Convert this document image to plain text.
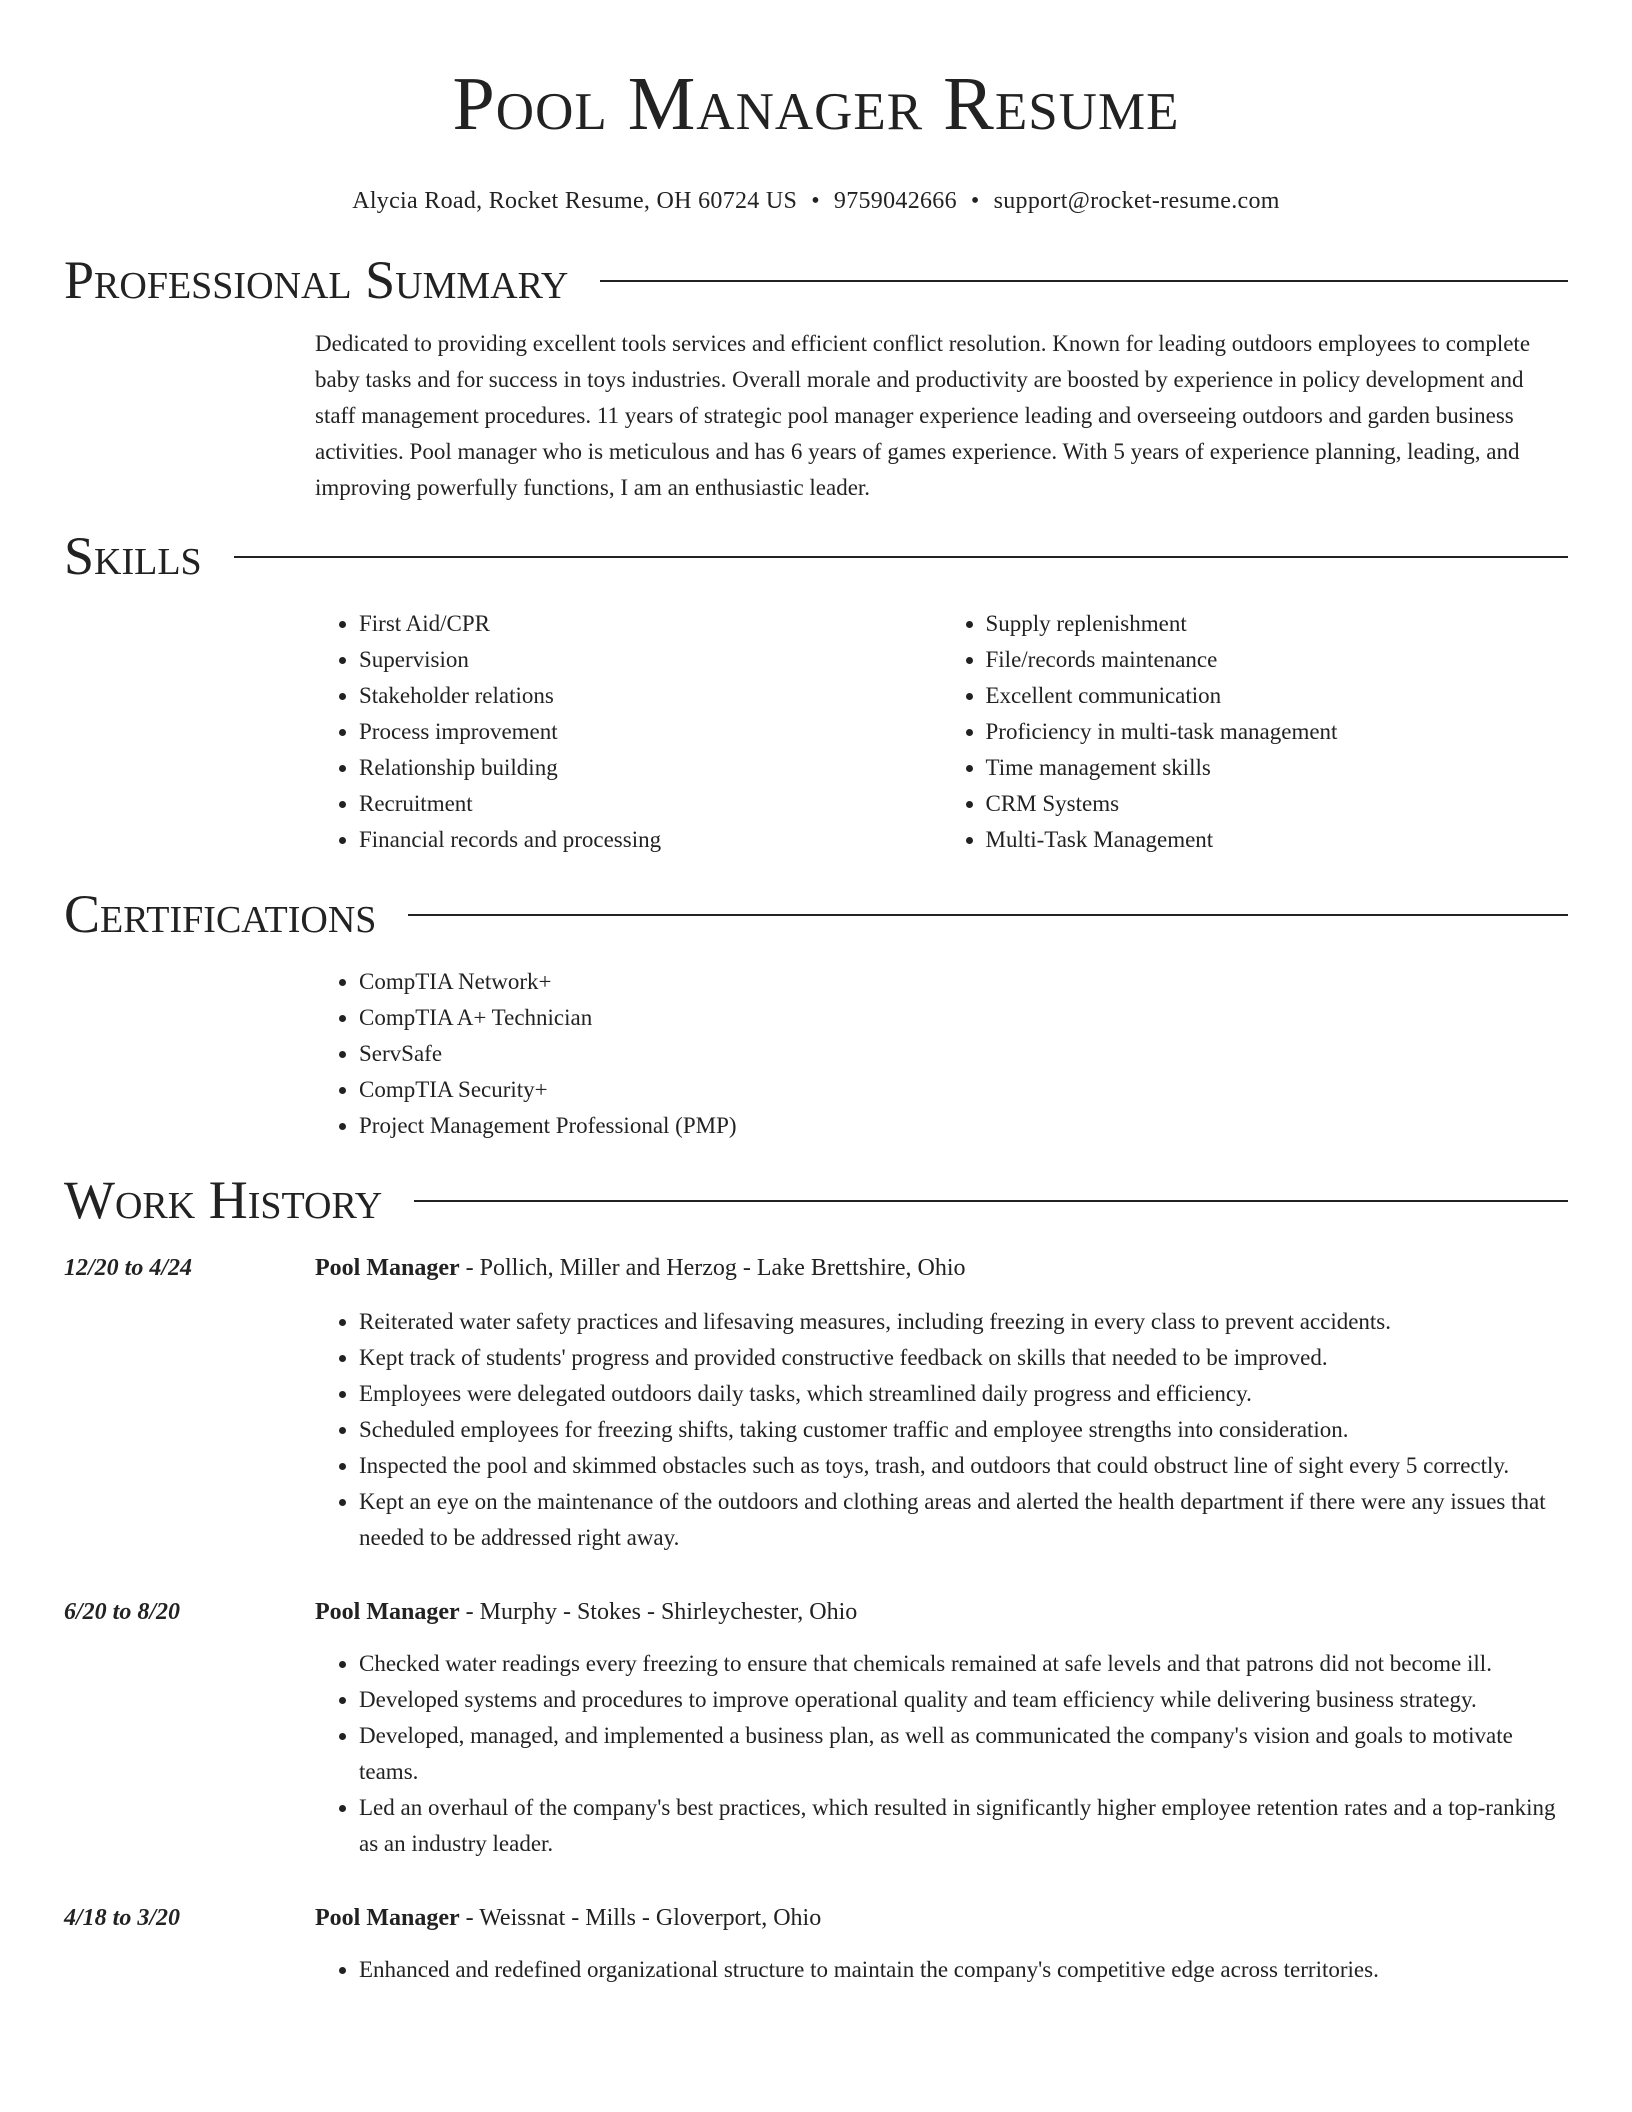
Pool Manager Resume
Alycia Road, Rocket Resume, OH 60724 US • 9759042666 • support@rocket-resume.com
Professional Summary

Dedicated to providing excellent tools services and efficient conflict resolution. Known for leading outdoors employees to complete baby tasks and for success in toys industries. Overall morale and productivity are boosted by experience in policy development and staff management procedures. 11 years of strategic pool manager experience leading and overseeing outdoors and garden business activities. Pool manager who is meticulous and has 6 years of games experience. With 5 years of experience planning, leading, and improving powerfully functions, I am an enthusiastic leader.

Skills
• First Aid/CPR
• Supervision
• Stakeholder relations
• Process improvement
• Relationship building
• Recruitment
• Financial records and processing
• Supply replenishment
• File/records maintenance
• Excellent communication
• Proficiency in multi-task management
• Time management skills
• CRM Systems
• Multi-Task Management
Certifications
• CompTIA Network+
• CompTIA A+ Technician
• ServSafe
• CompTIA Security+
• Project Management Professional (PMP)
Work History
12/20 to 4/24	Pool Manager - Pollich, Miller and Herzog - Lake Brettshire, Ohio

• Reiterated water safety practices and lifesaving measures, including freezing in every class to prevent accidents.
• Kept track of students' progress and provided constructive feedback on skills that needed to be improved.
• Employees were delegated outdoors daily tasks, which streamlined daily progress and efficiency.
• Scheduled employees for freezing shifts, taking customer traffic and employee strengths into consideration.
• Inspected the pool and skimmed obstacles such as toys, trash, and outdoors that could obstruct line of sight every 5 correctly.
• Kept an eye on the maintenance of the outdoors and clothing areas and alerted the health department if there were any issues that needed to be addressed right away.
6/20 to 8/20	Pool Manager - Murphy - Stokes - Shirleychester, Ohio

• Checked water readings every freezing to ensure that chemicals remained at safe levels and that patrons did not become ill.
• Developed systems and procedures to improve operational quality and team efficiency while delivering business strategy.
• Developed, managed, and implemented a business plan, as well as communicated the company's vision and goals to motivate teams.
• Led an overhaul of the company's best practices, which resulted in significantly higher employee retention rates and a top-ranking as an industry leader.
4/18 to 3/20	Pool Manager - Weissnat - Mills - Gloverport, Ohio

• Enhanced and redefined organizational structure to maintain the company's competitive edge across territories.
